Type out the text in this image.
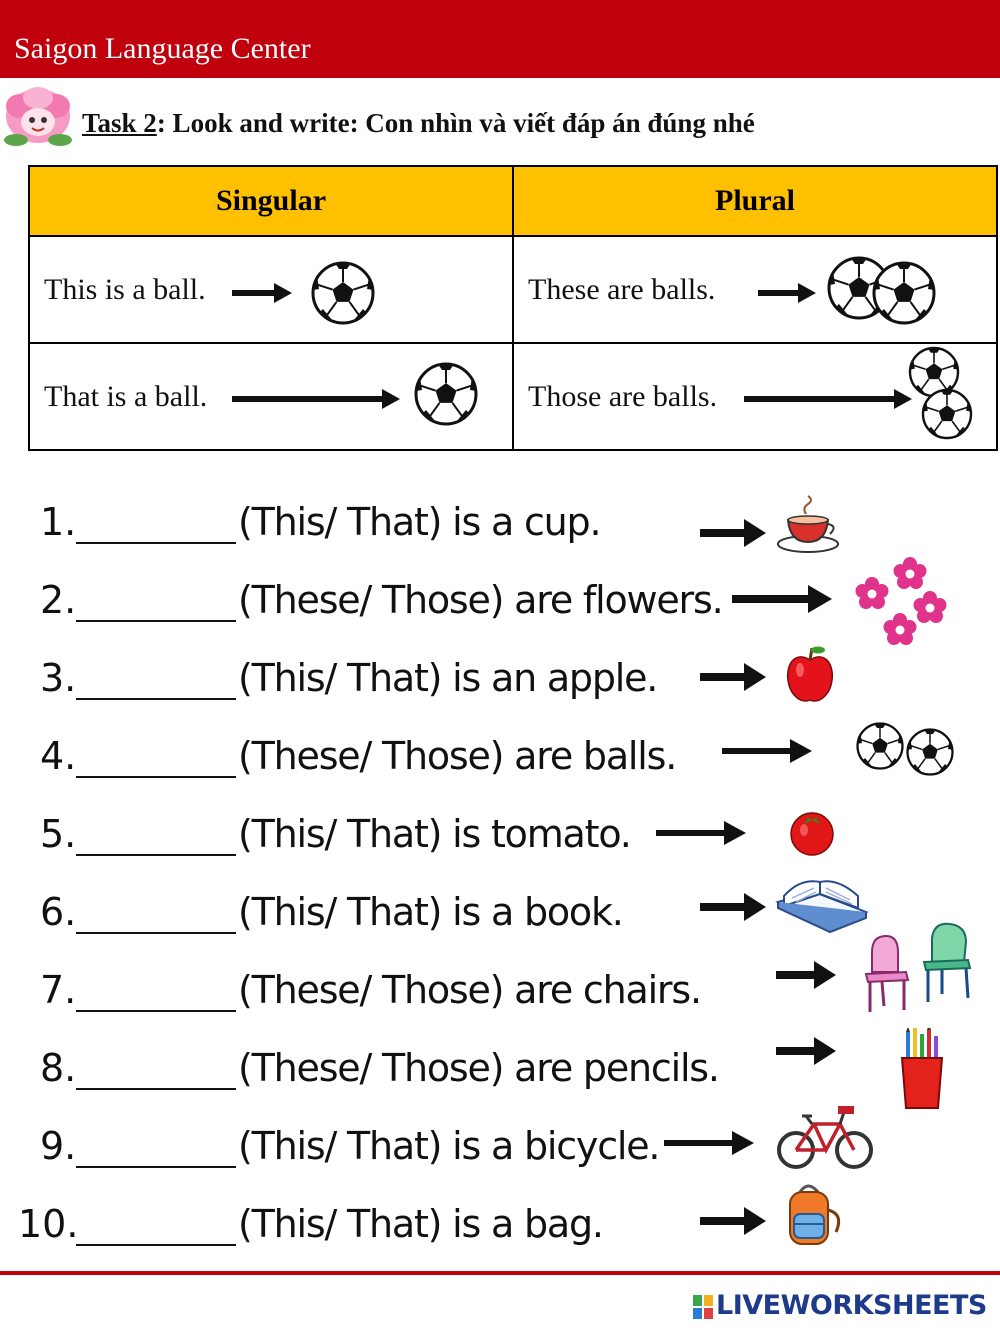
Saigon Language Center
Task 2: Look and write: Con nhìn và viết đáp án đúng nhé
Singular	Plural

This is a ball.	These are balls.

That is a ball.	Those are balls.
1.	(This/ That) is a cup.
2.	(These/ Those) are flowers.
3.	(This/ That) is an apple.
4.	(These/ Those) are balls.
5.	(This/ That) is tomato.
6.	(This/ That) is a book.
7.	(These/ Those) are chairs.
8.	(These/ Those) are pencils.
9.	(This/ That) is a bicycle.
10.	(This/ That) is a bag.
LIVEWORKSHEETS
